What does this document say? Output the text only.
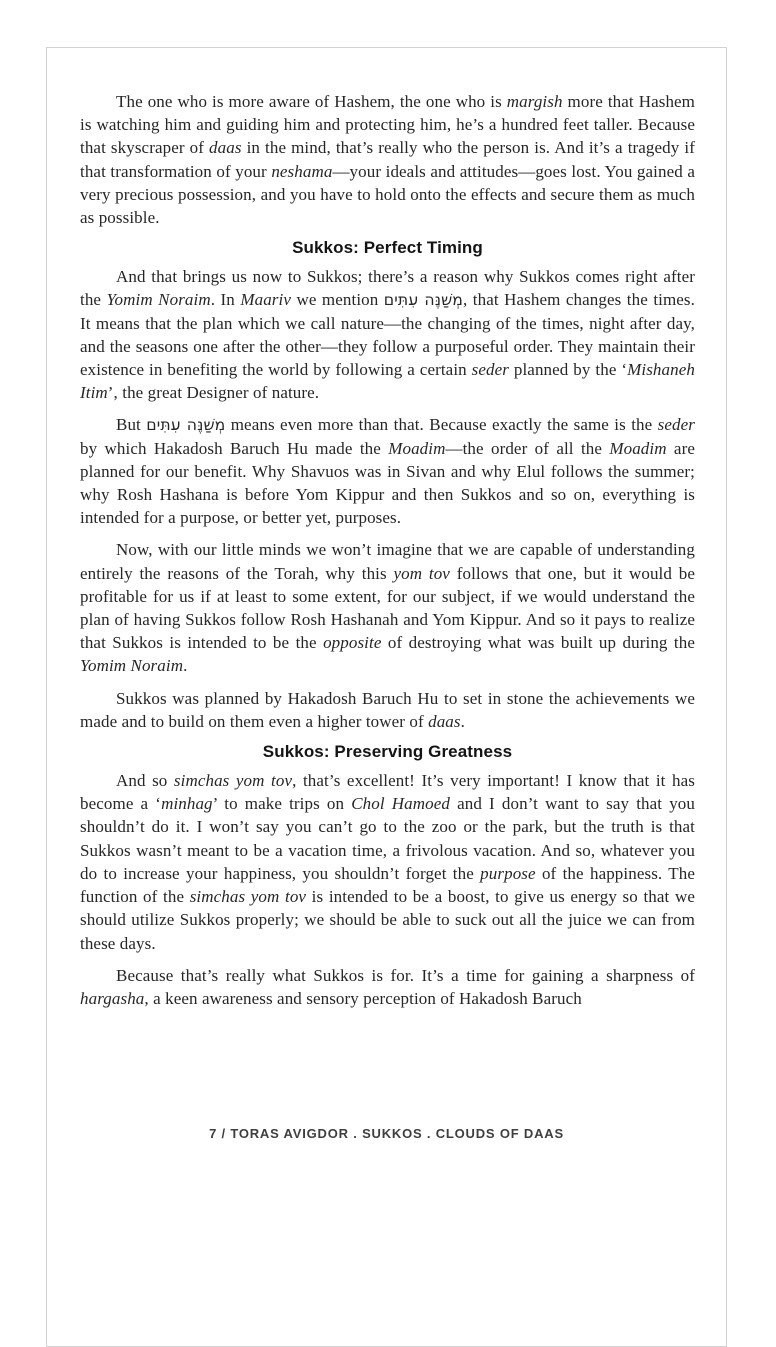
The one who is more aware of Hashem, the one who is margish more that Hashem is watching him and guiding him and protecting him, he’s a hundred feet taller. Because that skyscraper of daas in the mind, that’s really who the person is. And it’s a tragedy if that transformation of your neshama—your ideals and attitudes—goes lost. You gained a very precious possession, and you have to hold onto the effects and secure them as much as possible.

Sukkos: Perfect Timing

And that brings us now to Sukkos; there’s a reason why Sukkos comes right after the Yomim Noraim. In Maariv we mention מְשַׁנֶּה עִתִּים, that Hashem changes the times. It means that the plan which we call nature—the changing of the times, night after day, and the seasons one after the other—they follow a purposeful order. They maintain their existence in benefiting the world by following a certain seder planned by the ‘Mishaneh Itim’, the great Designer of nature.

But מְשַׁנֶּה עִתִּים means even more than that. Because exactly the same is the seder by which Hakadosh Baruch Hu made the Moadim—the order of all the Moadim are planned for our benefit. Why Shavuos was in Sivan and why Elul follows the summer; why Rosh Hashana is before Yom Kippur and then Sukkos and so on, everything is intended for a purpose, or better yet, purposes.

Now, with our little minds we won’t imagine that we are capable of understanding entirely the reasons of the Torah, why this yom tov follows that one, but it would be profitable for us if at least to some extent, for our subject, if we would understand the plan of having Sukkos follow Rosh Hashanah and Yom Kippur. And so it pays to realize that Sukkos is intended to be the opposite of destroying what was built up during the Yomim Noraim.

Sukkos was planned by Hakadosh Baruch Hu to set in stone the achievements we made and to build on them even a higher tower of daas.

Sukkos: Preserving Greatness

And so simchas yom tov, that’s excellent! It’s very important! I know that it has become a ‘minhag’ to make trips on Chol Hamoed and I don’t want to say that you shouldn’t do it. I won’t say you can’t go to the zoo or the park, but the truth is that Sukkos wasn’t meant to be a vacation time, a frivolous vacation. And so, whatever you do to increase your happiness, you shouldn’t forget the purpose of the happiness. The function of the simchas yom tov is intended to be a boost, to give us energy so that we should utilize Sukkos properly; we should be able to suck out all the juice we can from these days.

Because that’s really what Sukkos is for. It’s a time for gaining a sharpness of hargasha, a keen awareness and sensory perception of Hakadosh Baruch

7 / TORAS AVIGDOR . SUKKOS . CLOUDS OF DAAS
